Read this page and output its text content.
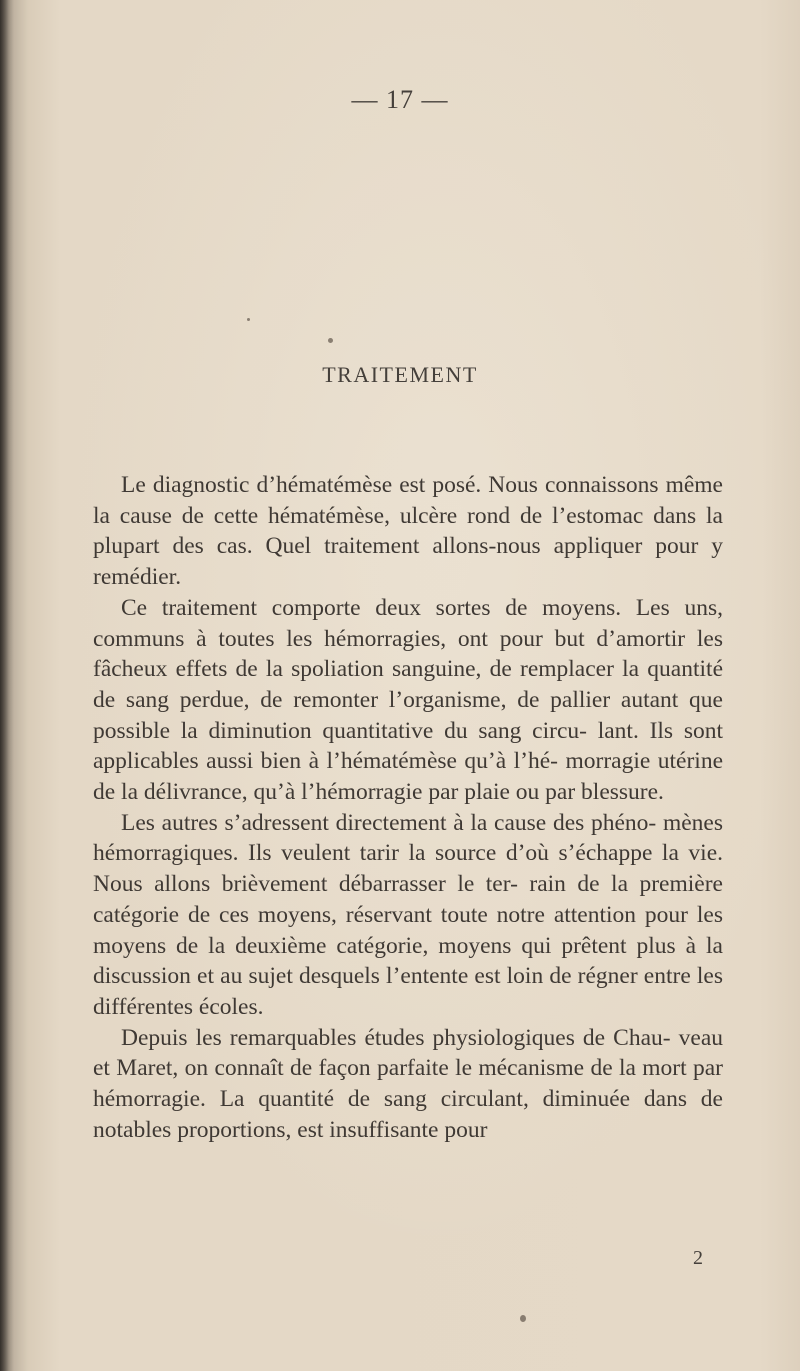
— 17 —
TRAITEMENT

Le diagnostic d’hématémèse est posé. Nous connaissons même la cause de cette hématémèse, ulcère rond de l’estomac dans la plupart des cas. Quel traitement allons-nous appliquer pour y remédier.

Ce traitement comporte deux sortes de moyens. Les uns, communs à toutes les hémorragies, ont pour but d’amortir les fâcheux effets de la spoliation sanguine, de remplacer la quantité de sang perdue, de remonter l’organisme, de pallier autant que possible la diminution quantitative du sang circu- lant. Ils sont applicables aussi bien à l’hématémèse qu’à l’hé- morragie utérine de la délivrance, qu’à l’hémorragie par plaie ou par blessure.

Les autres s’adressent directement à la cause des phéno- mènes hémorragiques. Ils veulent tarir la source d’où s’échappe la vie. Nous allons brièvement débarrasser le ter- rain de la première catégorie de ces moyens, réservant toute notre attention pour les moyens de la deuxième catégorie, moyens qui prêtent plus à la discussion et au sujet desquels l’entente est loin de régner entre les différentes écoles.

Depuis les remarquables études physiologiques de Chau- veau et Maret, on connaît de façon parfaite le mécanisme de la mort par hémorragie. La quantité de sang circulant, diminuée dans de notables proportions, est insuffisante pour

2
